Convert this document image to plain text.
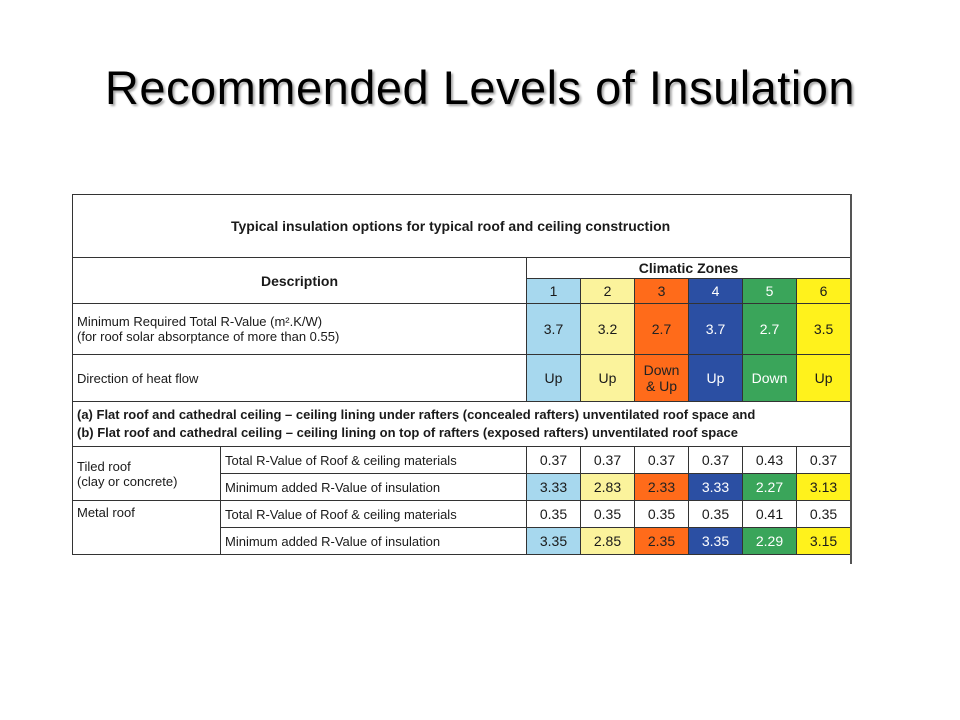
Recommended Levels of Insulation
Typical insulation options for typical roof and ceiling construction							
Description		Climatic Zones					
		1	2	3	4	5	6

Minimum Required Total R-Value (m².K/W)
(for roof solar absorptance of more than 0.55)		3.7	3.2	2.7	3.7	2.7	3.5
Direction of heat flow		Up	Up	Down & Up	Up	Down	Up

(a) Flat roof and cathedral ceiling – ceiling lining under rafters (concealed rafters) unventilated roof space and
(b) Flat roof and cathedral ceiling – ceiling lining on top of rafters (exposed rafters) unventilated roof space							

Tiled roof
(clay or concrete)	Total R-Value of Roof & ceiling materials	0.37	0.37	0.37	0.37	0.43	0.37
	Minimum added R-Value of insulation	3.33	2.83	2.33	3.33	2.27	3.13

Metal roof	Total R-Value of Roof & ceiling materials	0.35	0.35	0.35	0.35	0.41	0.35
	Minimum added R-Value of insulation	3.35	2.85	2.35	3.35	2.29	3.15
